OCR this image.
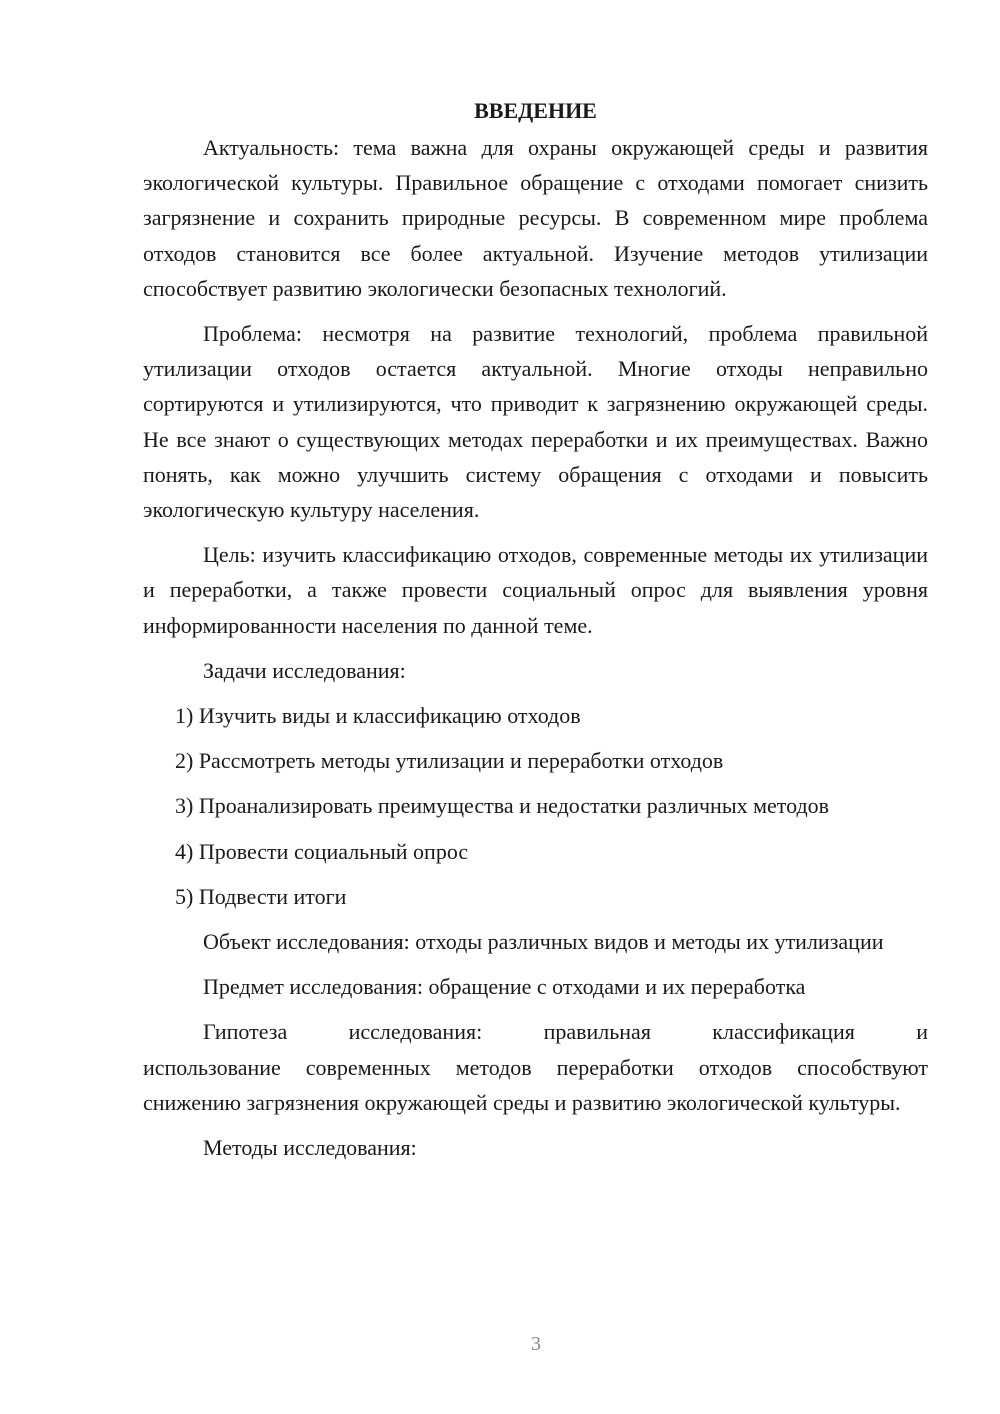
ВВЕДЕНИЕ

Актуальность: тема важна для охраны окружающей среды и развития экологической культуры. Правильное обращение с отходами помогает снизить загрязнение и сохранить природные ресурсы. В современном мире проблема отходов становится все более актуальной. Изучение методов утилизации способствует развитию экологически безопасных технологий.

Проблема: несмотря на развитие технологий, проблема правильной утилизации отходов остается актуальной. Многие отходы неправильно сортируются и утилизируются, что приводит к загрязнению окружающей среды. Не все знают о существующих методах переработки и их преимуществах. Важно понять, как можно улучшить систему обращения с отходами и повысить экологическую культуру населения.

Цель: изучить классификацию отходов, современные методы их утилизации и переработки, а также провести социальный опрос для выявления уровня информированности населения по данной теме.

Задачи исследования:

1) Изучить виды и классификацию отходов
2) Рассмотреть методы утилизации и переработки отходов
3) Проанализировать преимущества и недостатки различных методов
4) Провести социальный опрос
5) Подвести итоги

Объект исследования: отходы различных видов и методы их утилизации

Предмет исследования: обращение с отходами и их переработка

Гипотеза исследования: правильная классификация и
использование современных методов переработки отходов способствуют снижению загрязнения окружающей среды и развитию экологической культуры.

Методы исследования:

3
